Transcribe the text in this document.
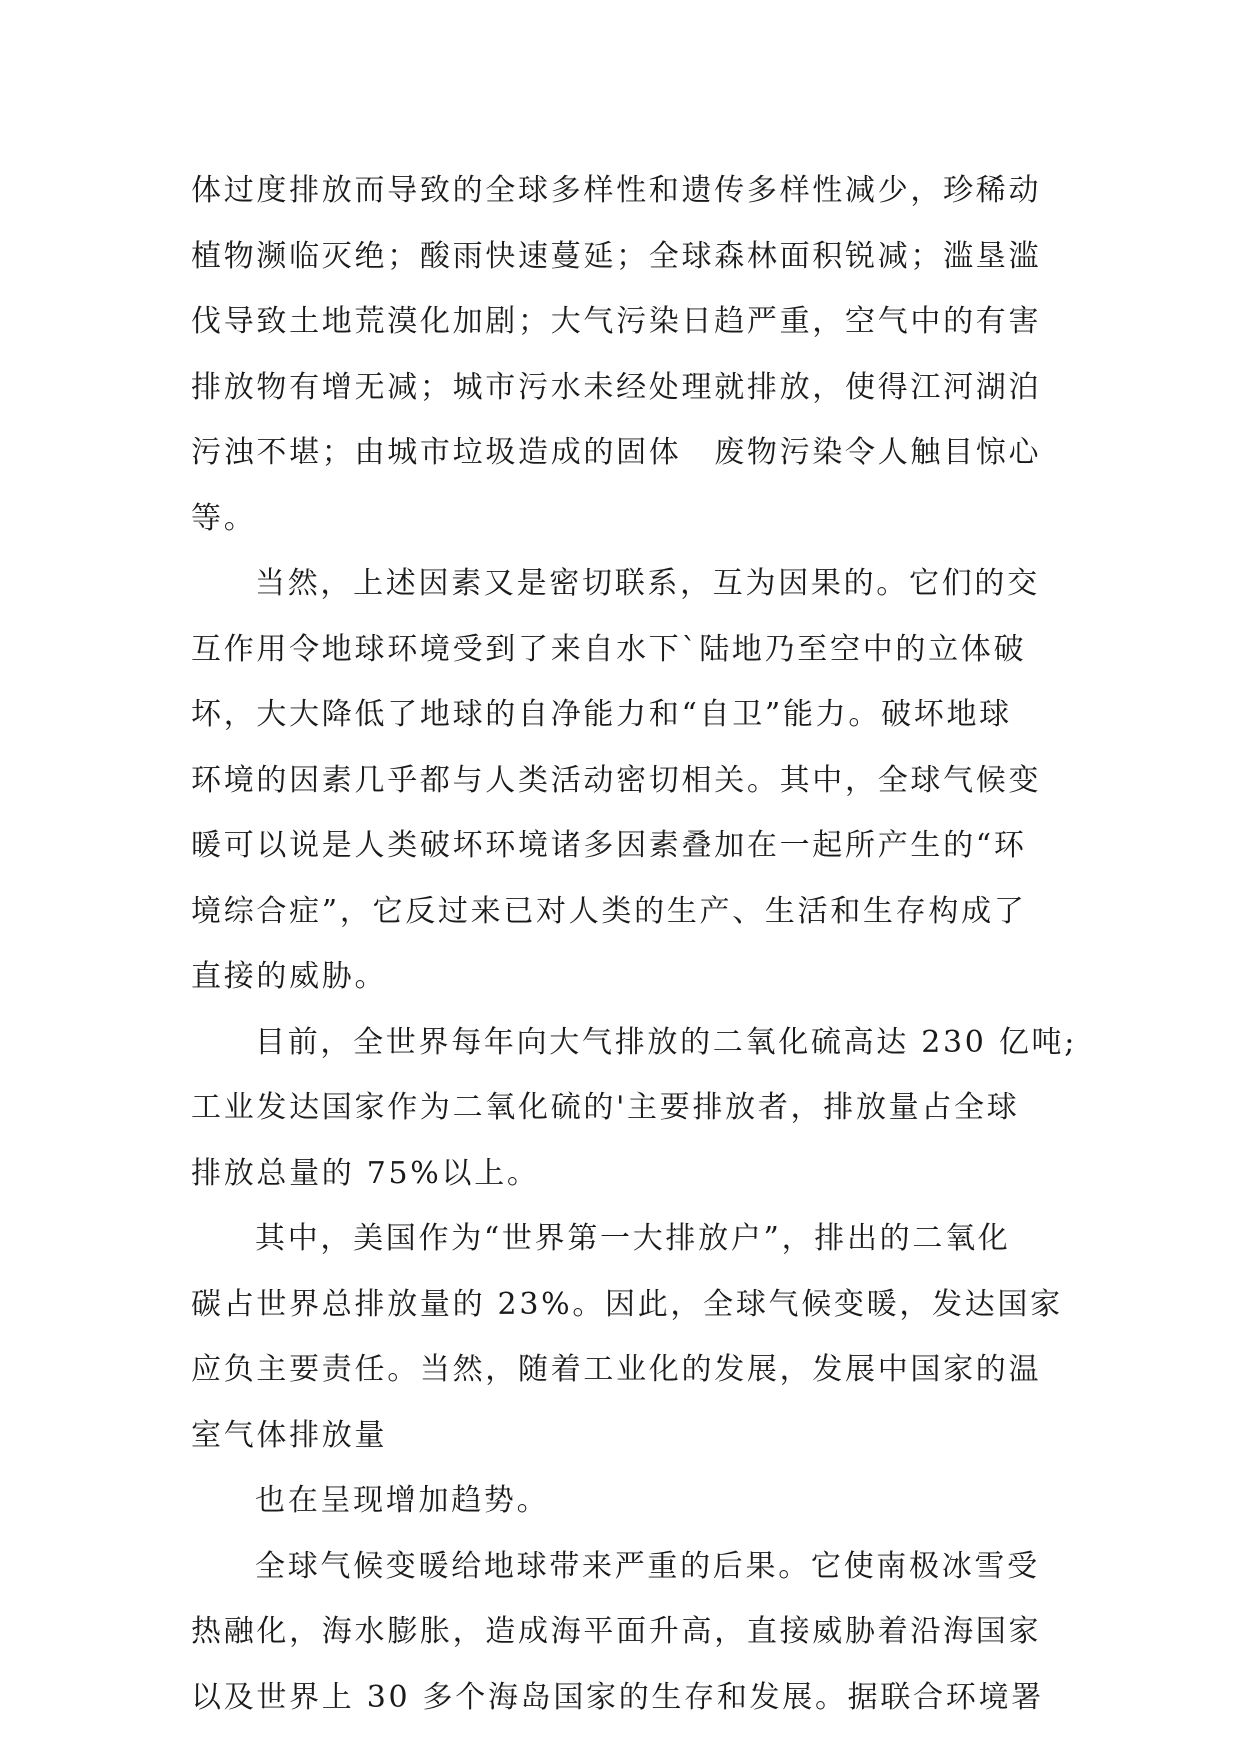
体过度排放而导致的全球多样性和遗传多样性减少，珍稀动
植物濒临灭绝；酸雨快速蔓延；全球森林面积锐减；滥垦滥
伐导致土地荒漠化加剧；大气污染日趋严重，空气中的有害
排放物有增无减；城市污水未经处理就排放，使得江河湖泊
污浊不堪；由城市垃圾造成的固体　废物污染令人触目惊心
等。
当然，上述因素又是密切联系，互为因果的。它们的交
互作用令地球环境受到了来自水下`陆地乃至空中的立体破
坏，大大降低了地球的自净能力和“自卫”能力。破坏地球
环境的因素几乎都与人类活动密切相关。其中，全球气候变
暖可以说是人类破坏环境诸多因素叠加在一起所产生的“环
境综合症”，它反过来已对人类的生产、生活和生存构成了
直接的威胁。
目前，全世界每年向大气排放的二氧化硫高达 230 亿吨;
工业发达国家作为二氧化硫的'主要排放者，排放量占全球
排放总量的 75%以上。
其中，美国作为“世界第一大排放户”，排出的二氧化
碳占世界总排放量的 23%。因此，全球气候变暖，发达国家
应负主要责任。当然，随着工业化的发展，发展中国家的温
室气体排放量
也在呈现增加趋势。
全球气候变暖给地球带来严重的后果。它使南极冰雪受
热融化，海水膨胀，造成海平面升高，直接威胁着沿海国家
以及世界上 30 多个海岛国家的生存和发展。据联合环境署
